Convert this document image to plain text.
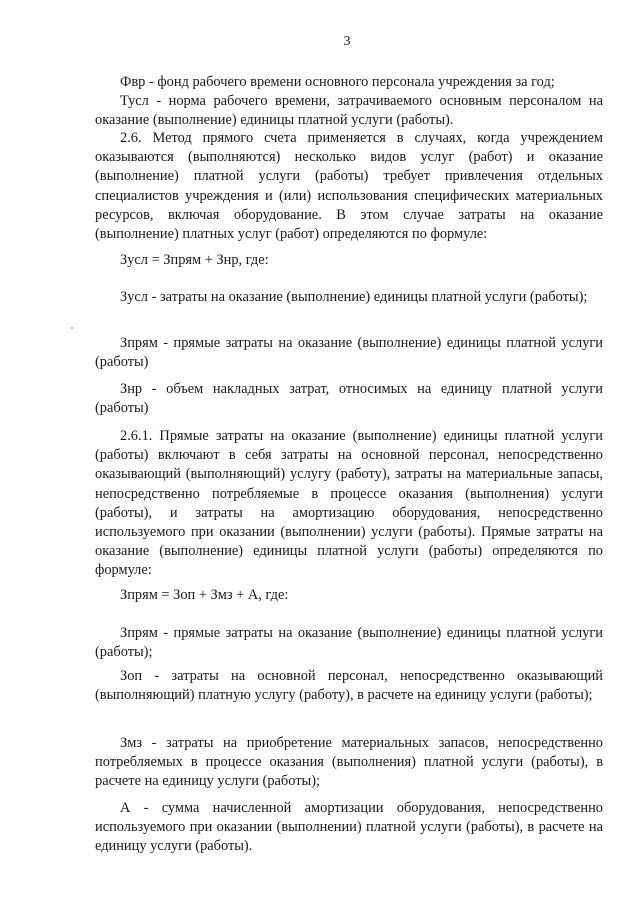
3

Фвр - фонд рабочего времени основного персонала учреждения за год;

Тусл - норма рабочего времени, затрачиваемого основным персоналом на оказание (выполнение) единицы платной услуги (работы).

2.6. Метод прямого счета применяется в случаях, когда учреждением оказываются (выполняются) несколько видов услуг (работ) и оказание (выполнение) платной услуги (работы) требует привлечения отдельных специалистов учреждения и (или) использования специфических материальных ресурсов, включая оборудование. В этом случае затраты на оказание (выполнение) платных услуг (работ) определяются по формуле:

Зусл = Зпрям + Знр, где:

Зусл - затраты на оказание (выполнение) единицы платной услуги (работы);

Зпрям - прямые затраты на оказание (выполнение) единицы платной услуги (работы)

Знр - объем накладных затрат, относимых на единицу платной услуги (работы)

2.6.1. Прямые затраты на оказание (выполнение) единицы платной услуги (работы) включают в себя затраты на основной персонал, непосредственно оказывающий (выполняющий) услугу (работу), затраты на материальные запасы, непосредственно потребляемые в процессе оказания (выполнения) услуги (работы), и затраты на амортизацию оборудования, непосредственно используемого при оказании (выполнении) услуги (работы). Прямые затраты на оказание (выполнение) единицы платной услуги (работы) определяются по формуле:

Зпрям = Зоп + Змз + А, где:

Зпрям - прямые затраты на оказание (выполнение) единицы платной услуги (работы);

Зоп - затраты на основной персонал, непосредственно оказывающий (выполняющий) платную услугу (работу), в расчете на единицу услуги (работы);

Змз - затраты на приобретение материальных запасов, непосредственно потребляемых в процессе оказания (выполнения) платной услуги (работы), в расчете на единицу услуги (работы);

А - сумма начисленной амортизации оборудования, непосредственно используемого при оказании (выполнении) платной услуги (работы), в расчете на единицу услуги (работы).
